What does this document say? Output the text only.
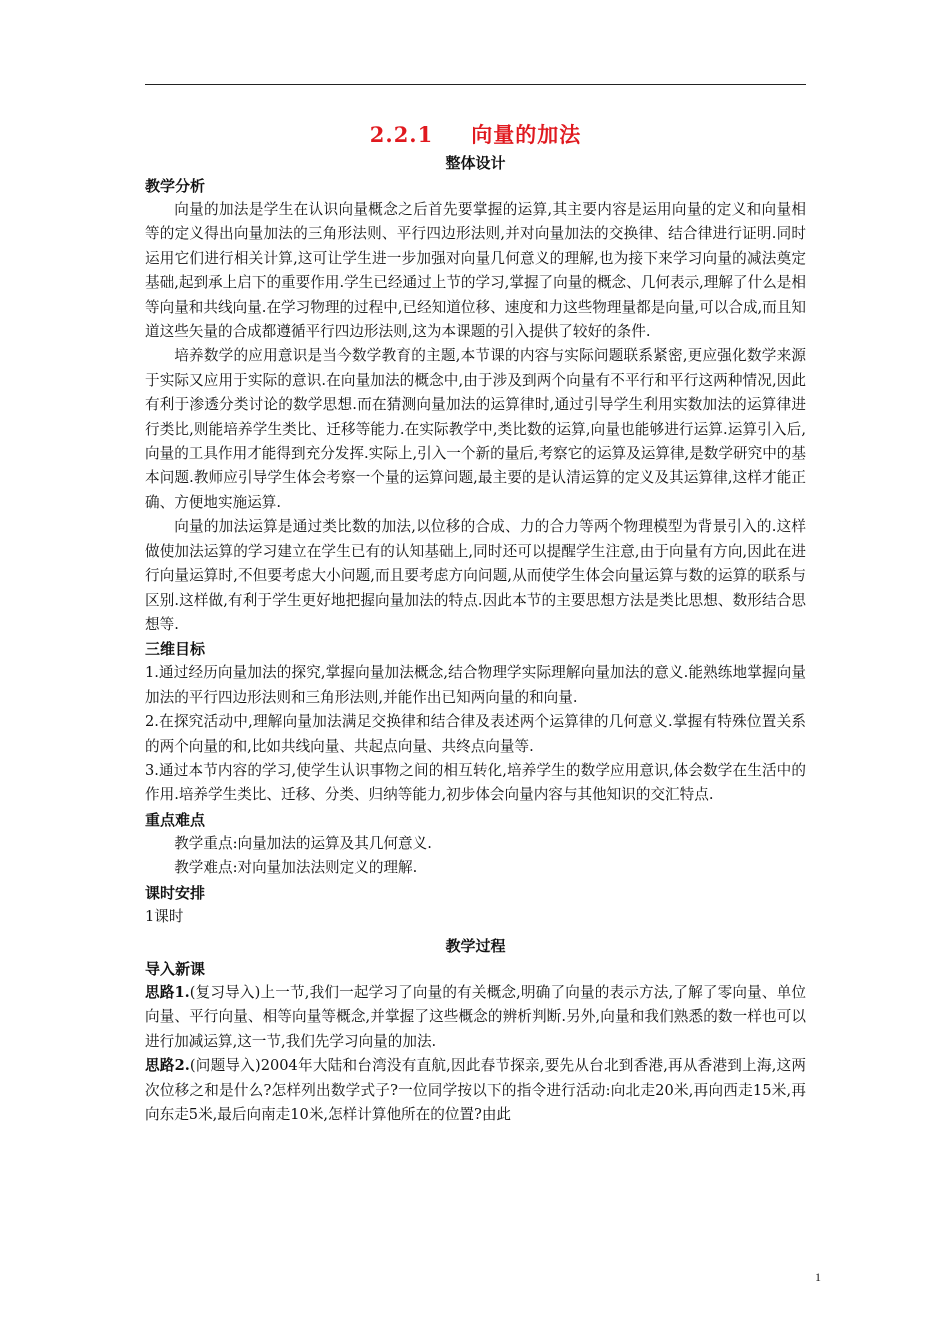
2.2.1 向量的加法
整体设计
教学分析

向量的加法是学生在认识向量概念之后首先要掌握的运算,其主要内容是运用向量的定义和向量相等的定义得出向量加法的三角形法则、平行四边形法则,并对向量加法的交换律、结合律进行证明.同时运用它们进行相关计算,这可让学生进一步加强对向量几何意义的理解,也为接下来学习向量的减法奠定基础,起到承上启下的重要作用.学生已经通过上节的学习,掌握了向量的概念、几何表示,理解了什么是相等向量和共线向量.在学习物理的过程中,已经知道位移、速度和力这些物理量都是向量,可以合成,而且知道这些矢量的合成都遵循平行四边形法则,这为本课题的引入提供了较好的条件.

培养数学的应用意识是当今数学教育的主题,本节课的内容与实际问题联系紧密,更应强化数学来源于实际又应用于实际的意识.在向量加法的概念中,由于涉及到两个向量有不平行和平行这两种情况,因此有利于渗透分类讨论的数学思想.而在猜测向量加法的运算律时,通过引导学生利用实数加法的运算律进行类比,则能培养学生类比、迁移等能力.在实际教学中,类比数的运算,向量也能够进行运算.运算引入后,向量的工具作用才能得到充分发挥.实际上,引入一个新的量后,考察它的运算及运算律,是数学研究中的基本问题.教师应引导学生体会考察一个量的运算问题,最主要的是认清运算的定义及其运算律,这样才能正确、方便地实施运算.

向量的加法运算是通过类比数的加法,以位移的合成、力的合力等两个物理模型为背景引入的.这样做使加法运算的学习建立在学生已有的认知基础上,同时还可以提醒学生注意,由于向量有方向,因此在进行向量运算时,不但要考虑大小问题,而且要考虑方向问题,从而使学生体会向量运算与数的运算的联系与区别.这样做,有利于学生更好地把握向量加法的特点.因此本节的主要思想方法是类比思想、数形结合思想等.

三维目标

1.通过经历向量加法的探究,掌握向量加法概念,结合物理学实际理解向量加法的意义.能熟练地掌握向量加法的平行四边形法则和三角形法则,并能作出已知两向量的和向量.

2.在探究活动中,理解向量加法满足交换律和结合律及表述两个运算律的几何意义.掌握有特殊位置关系的两个向量的和,比如共线向量、共起点向量、共终点向量等.

3.通过本节内容的学习,使学生认识事物之间的相互转化,培养学生的数学应用意识,体会数学在生活中的作用.培养学生类比、迁移、分类、归纳等能力,初步体会向量内容与其他知识的交汇特点.

重点难点

教学重点:向量加法的运算及其几何意义.

教学难点:对向量加法法则定义的理解.

课时安排

1课时

教学过程
导入新课

思路1.(复习导入)上一节,我们一起学习了向量的有关概念,明确了向量的表示方法,了解了零向量、单位向量、平行向量、相等向量等概念,并掌握了这些概念的辨析判断.另外,向量和我们熟悉的数一样也可以进行加减运算,这一节,我们先学习向量的加法.

思路2.(问题导入)2004年大陆和台湾没有直航,因此春节探亲,要先从台北到香港,再从香港到上海,这两次位移之和是什么?怎样列出数学式子?一位同学按以下的指令进行活动:向北走20米,再向西走15米,再向东走5米,最后向南走10米,怎样计算他所在的位置?由此

1
